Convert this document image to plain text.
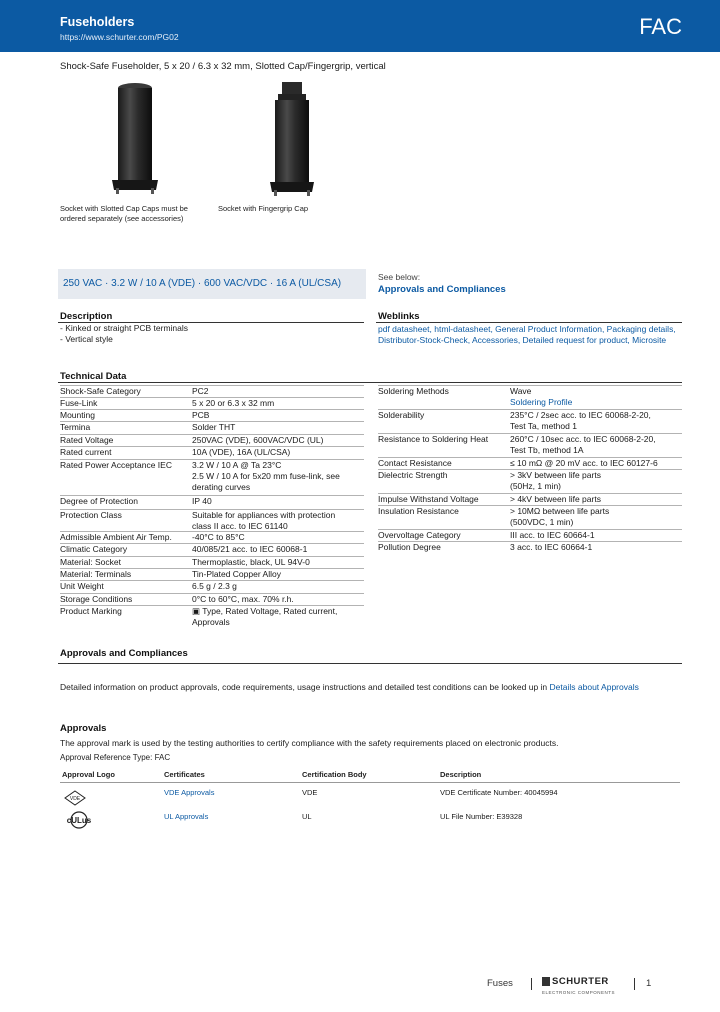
Fuseholders
https://www.schurter.com/PG02	FAC
Shock-Safe Fuseholder, 5 x 20 / 6.3 x 32 mm, Slotted Cap/Fingergrip, vertical
Socket with Slotted Cap Caps must be ordered separately (see accessories)
Socket with Fingergrip Cap
250 VAC · 3.2 W / 10 A (VDE) · 600 VAC/VDC · 16 A (UL/CSA)
See below:
Approvals and Compliances
Description
- Kinked or straight PCB terminals
- Vertical style
Weblinks
pdf datasheet, html-datasheet, General Product Information, Packaging details, Distributor-Stock-Check, Accessories, Detailed request for product, Microsite
Technical Data
Shock-Safe Category	PC2
Fuse-Link	5 x 20 or 6.3 x 32 mm
Mounting	PCB
Termina	Solder THT
Rated Voltage	250VAC (VDE), 600VAC/VDC (UL)
Rated current	10A (VDE), 16A (UL/CSA)
Rated Power Acceptance IEC	3.2 W / 10 A @ Ta 23°C
2.5 W / 10 A for 5x20 mm fuse-link, see
derating curves
Degree of Protection	IP 40
Protection Class	Suitable for appliances with protection
class II acc. to IEC 61140
Admissible Ambient Air Temp.	-40°C to 85°C
Climatic Category	40/085/21 acc. to IEC 60068-1
Material: Socket	Thermoplastic, black, UL 94V-0
Material: Terminals	Tin-Plated Copper Alloy
Unit Weight	6.5 g / 2.3 g
Storage Conditions	0°C to 60°C, max. 70% r.h.
Product Marking	▣ Type, Rated Voltage, Rated current,
Approvals
Soldering Methods	Wave
Soldering Profile
Solderability	235°C / 2sec acc. to IEC 60068-2-20,
Test Ta, method 1
Resistance to Soldering Heat	260°C / 10sec acc. to IEC 60068-2-20,
Test Tb, method 1A
Contact Resistance	≤ 10 mΩ @ 20 mV acc. to IEC 60127-6
Dielectric Strength	> 3kV between life parts
(50Hz, 1 min)
Impulse Withstand Voltage	> 4kV between life parts
Insulation Resistance	> 10MΩ between life parts
(500VDC, 1 min)
Overvoltage Category	III acc. to IEC 60664-1
Pollution Degree	3 acc. to IEC 60664-1
Approvals and Compliances
Detailed information on product approvals, code requirements, usage instructions and detailed test conditions can be looked up in Details about Approvals
Approvals
The approval mark is used by the testing authorities to certify compliance with the safety requirements placed on electronic products.
Approval Reference Type: FAC
Approval Logo	Certificates	Certification Body	Description
VDE
VDE Approvals	VDE	VDE Certificate Number: 40045994
cULus	UL Approvals	UL	UL File Number: E39328
Fuses	SCHURTER
ELECTRONIC COMPONENTS
1
